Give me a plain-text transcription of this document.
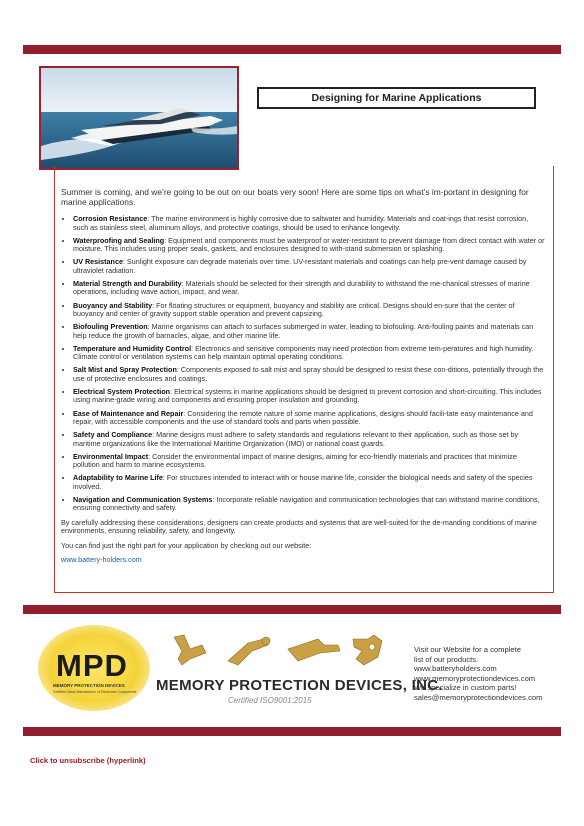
Designing for Marine Applications

Summer is coming, and we’re going to be out on our boats very soon! Here are some tips on what’s im-portant in designing for marine applications.

• Corrosion Resistance: The marine environment is highly corrosive due to saltwater and humidity. Materials and coat-ings that resist corrosion, such as stainless steel, aluminum alloys, and protective coatings, should be used to enhance longevity.
• Waterproofing and Sealing: Equipment and components must be waterproof or water-resistant to prevent damage from direct contact with water or moisture. This includes using proper seals, gaskets, and enclosures designed to with-stand submersion or splashing.
• UV Resistance: Sunlight exposure can degrade materials over time. UV-resistant materials and coatings can help pre-vent damage caused by ultraviolet radiation.
• Material Strength and Durability: Materials should be selected for their strength and durability to withstand the me-chanical stresses of marine operations, including wave action, impact, and wear.
• Buoyancy and Stability: For floating structures or equipment, buoyancy and stability are critical. Designs should en-sure that the center of buoyancy and center of gravity support stable operation and prevent capsizing.
• Biofouling Prevention: Marine organisms can attach to surfaces submerged in water, leading to biofouling. Anti-fouling paints and materials can help reduce the growth of barnacles, algae, and other marine life.
• Temperature and Humidity Control: Electronics and sensitive components may need protection from extreme tem-peratures and high humidity. Climate control or ventilation systems can help maintain optimal operating conditions.
• Salt Mist and Spray Protection: Components exposed to salt mist and spray should be designed to resist these con-ditions, potentially through the use of protective enclosures and coatings.
• Electrical System Protection: Electrical systems in marine applications should be designed to prevent corrosion and short-circuiting. This includes using marine-grade wiring and components and ensuring proper insulation and grounding.
• Ease of Maintenance and Repair: Considering the remote nature of some marine applications, designs should facili-tate easy maintenance and repair, with accessible components and the use of standard tools and parts when possible.
• Safety and Compliance: Marine designs must adhere to safety standards and regulations relevant to their application, such as those set by maritime organizations like the International Maritime Organization (IMO) or national coast guards.
• Environmental Impact: Consider the environmental impact of marine designs, aiming for eco-friendly materials and practices that minimize pollution and harm to marine ecosystems.
• Adaptability to Marine Life: For structures intended to interact with or house marine life, consider the biological needs and safety of the species involved.
• Navigation and Communication Systems: Incorporate reliable navigation and communication technologies that can withstand marine conditions, ensuring connectivity and safety.

By carefully addressing these considerations, designers can create products and systems that are well-suited for the de-manding conditions of marine environments, ensuring reliability, safety, and longevity.

You can find just the right part for your application by checking out our website:

www.battery-holders.com

MPD
MEMORY PROTECTION DEVICES
Certified Global Manufacturer of Electronics Components MEMORY PROTECTION DEVICES, INC.
Certified ISO9001:2015
Visit our Website for a complete
list of our products.
www.batteryholders.com
www.memoryprotectiondevices.com
We specialize in custom parts!
sales@memoryprotectiondevices.com
Click to unsubscribe (hyperlink)
